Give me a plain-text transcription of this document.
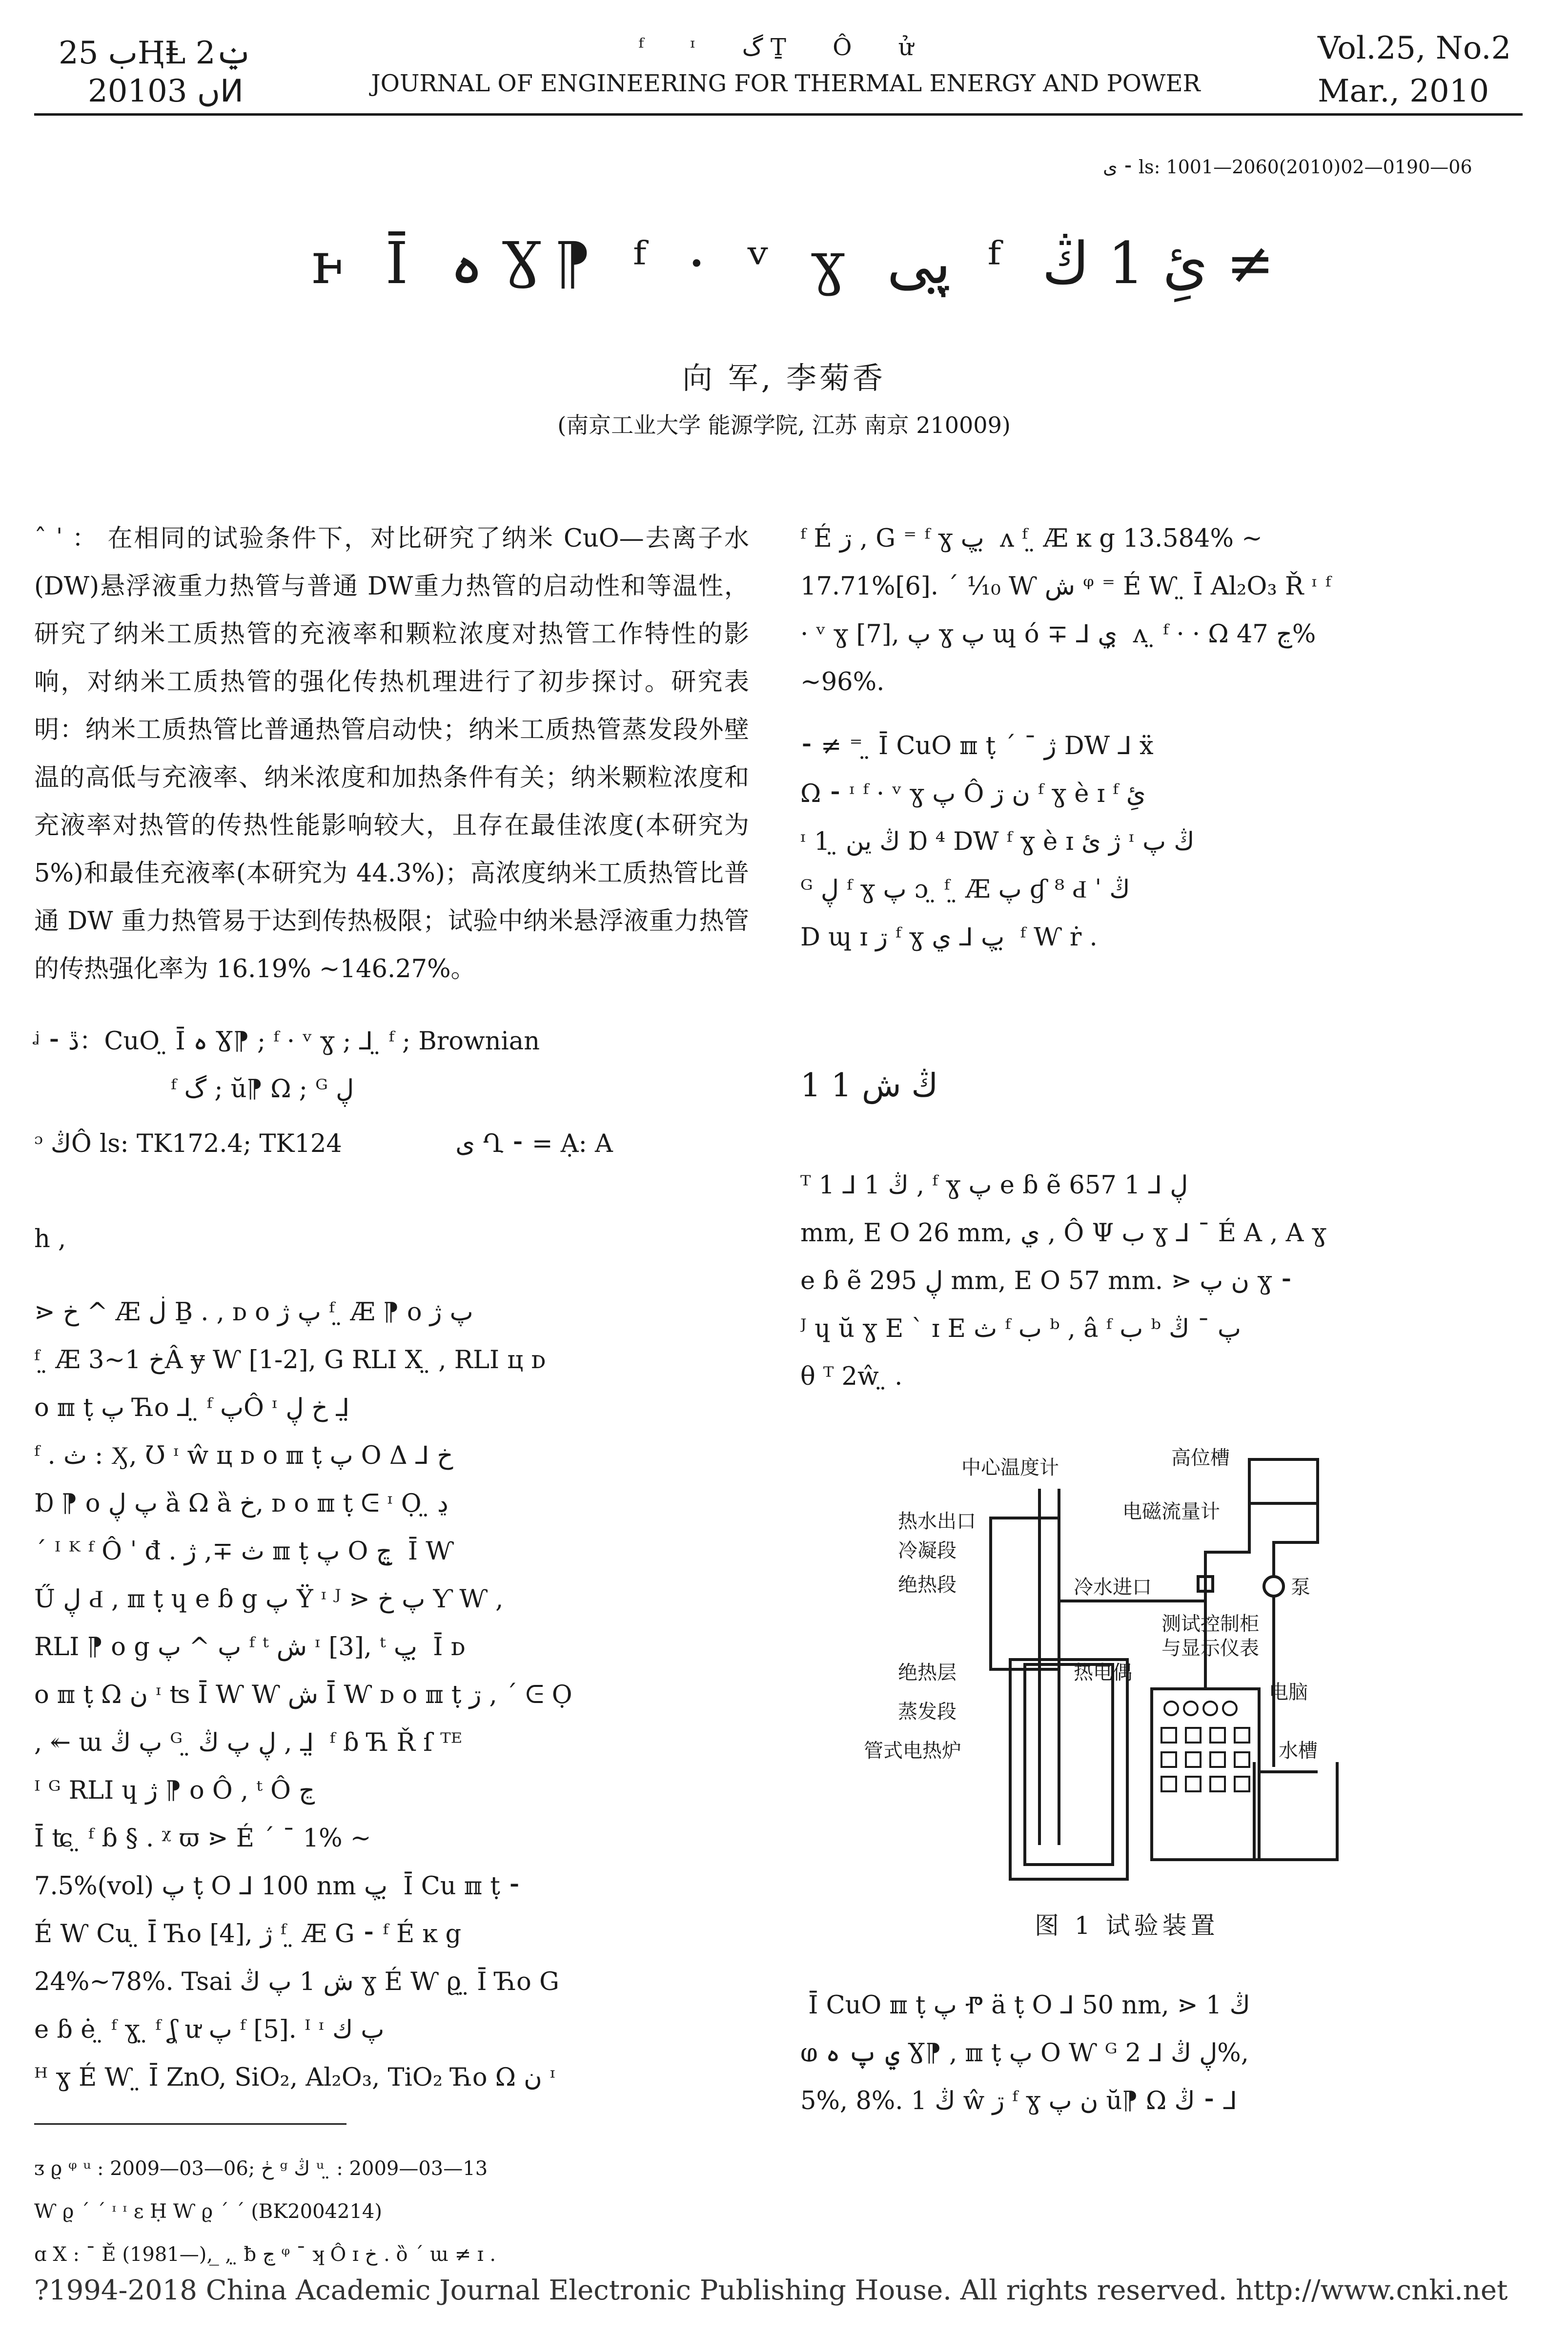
ب 25ⱧⱠ 2ݔ
2010ں 3ⵍ
ᶠ ᶦ گ Ṯ Ô ử
JOURNAL OF ENGINEERING FOR THERMAL ENERGY AND POWER
Vol.25, No.2
Mar., 2010
ى ⁃ ls: 1001—2060(2010)02—0190—06
ⱶ Ī ہ Ɣ⁋ ᶠ · ᵛ ɣ پی ̤ ᶠ ئِ 1 ڭ ≠
向 军, 李菊香
(南京工业大学 能源学院, 江苏 南京 210009)

ˆ ˈ ： 在相同的试验条件下，对比研究了纳米 CuO—去离子水(DW)悬浮液重力热管与普通 DW重力热管的启动性和等温性，研究了纳米工质热管的充液率和颗粒浓度对热管工作特性的影响，对纳米工质热管的强化传热机理进行了初步探讨。研究表明：纳米工质热管比普通热管启动快；纳米工质热管蒸发段外壁温的高低与充液率、纳米浓度和加热条件有关；纳米颗粒浓度和充液率对热管的传热性能影响较大，且存在最佳浓度(本研究为 5%)和最佳充液率(本研究为 44.3%)；高浓度纳米工质热管比普通 DW 重力热管易于达到传热极限；试验中纳米悬浮液重力热管的传热强化率为 16.19% ~146.27%。

ᶨ ⁃ ڐ：CuO ̤ Ī ہ Ɣ⁋ ; ᶠ · ᵛ ɣ ; ⅃ ̤ ᶠ ; Brownian
ᶠ گ ; ŭ⁋ Ω ; ᴳ ڸ
ᵓ ڭÔ ls: TK172.4; TK124	ى Ղ ⁃ = Ạ: A
h ,
⋗ خ ^ Æ ڶ Ḇ . , ᴅ o پ ژ ᶠ ̤ Æ ⁋ o پ ژ
ᶠ ̤ Æ خ 1~3Â ɏ Ⱳ [1-2], G RLI X ̤ , RLI ц ᴅ
o ℼ ṭ پ Ћo ⅃ ̤ ᶠ پÔ ᶦ خ ڸ ⅃ ̤
ᶠ . ث : Ӽ, Ʊ ᶦ ŵ ц ᴅ o ℼ ṭ پ O Δ ⅃ خ
Ɒ ⁋ o پ ڸ ȁ Ω ȁ خ, ᴅ o ℼ ṭ ᕮ ᶦ Ọ ̤ ڍ
ˊ ᴵ ᴷ ᶠ Ô ˈ đ . ث ∓, ژ ℼ ṭ پ O ڃ ̤ Ī Ⱳ
Ű ڸ Ԁ , ℼ ṭ ɥ e ɓ g پ Ÿ ᶦ ᴶ ⋗ پ خ Ƴ Ⱳ ,
RLI ⁋ o g پ ^ پ ᶠ ᵗ ش ᶦ [3], ᵗ پ ̤ Ī ᴅ
o ℼ ṭ Ω ن ᶦ ʦ Ī Ⱳ Ⱳ ش Ī Ⱳ ᴅ o ℼ ṭ ڗ , ˊ ᕮ Ọ
, ↞ ɯ پ ڭ ᴳ ̤ ڸ پ ڭ , ⅃ ̤ ᶠ ɓ Ћ Ř ſ ᵀᴱ
ᴵ ᴳ RLI ɥ ژ ⁋ o Ô , ᵗ Ô ڃ
Ī ʨ ̤ ᶠ ɓ § . ᵡ ϖ ⋗ É ˊ ˉ 1% ~
7.5%(vol) پ ṭ O ⅃ 100 nm پ ̤ Ī Cu ℼ ṭ ⁃
É Ⱳ Cu ̤ Ī Ћo [4], ژ ᶠ ̤ Æ G ⁃ ᶠ É ĸ g
24%~78%. Tsai ش 1 پ ڭ ɣ É Ⱳ ϱ ̤ Ī Ћo G
e ɓ ė ̤ ᶠ ɣ ̤ ᶠ ʆ ư پ ᶠ [5]. ᴵ ᶦ پ ك
ᴴ ɣ É Ⱳ ̤ Ī ZnO, SiO₂, Al₂O₃, TiO₂ Ћo Ω ن ᶦ
ᴣ ϱ ᵠ ᵘ : 2009—03—06; ڂ ᵍ ڭ ᵘ ̤ : 2009—03—13
Ⱳ ϱ ˊ ˊ ᶦ ᶦ ɛ Ḥ Ⱳ ϱ ˊ ˊ (BK2004214)
ɑ X : ˉ Ě (1981—), ̲ , ̤ ƀ ڃ ᵠ ˉ ʞ Ô ɪ خ . ȍ ˊ ɯ ≠ ɪ .
ᶠ É ڗ , G ⁼ ᶠ ɣ پ ̤ ᴧ ᶠ ̤ Æ ĸ g 13.584% ~
17.71%[6]. ˊ ⅒ Ⱳ ش ᵠ ⁼ É Ⱳ ̤ Ī Al₂O₃ Ř ᶦ ᶠ
· ᵛ ɣ [7], پ ɣ پ ɰ ó ∓ ⅃ ي ̤ ᴧ ̤ ᶠ · · Ω ڃ 47%
~96%.
⁃ ≠ ⁼ ̤ Ī CuO ℼ ṭ ˊ ˉ ژ DW ⅃ ẍ
Ω ⁃ ᶦ ᶠ · ᵛ ɣ پ Ô ن ڗ ᶠ ɣ è ɪ ᶠ ئِ
ᶦ 1 ̤ ڭ ين Ɒ ⁴ DW ᶠ ɣ è ɪ ژ ئ ᶦ ڭ پ
ᴳ ڸ ᶠ ɣ پ ɔ ̤ ᶠ ̤ Æ پ ɠ ⁸ Ԁ ˈ ڭ
D ɰ ɪ ڗ ᶠ ɣ پ ⅃ ي ̤ ᶠ Ⱳ ṙ .
1 1 ڭ ش
ᵀ 1 ⅃ 1 ڭ , ᶠ ɣ پ e ɓ ẽ ڸ ⅃ 1 657
mm, E O 26 mm, ي , Ô Ψ ب ɣ ⅃ ˉ É A , A ɣ
e ɓ ẽ ڸ 295 mm, E O 57 mm. ⋗ ن پ ɣ ⁃
ᴶ ɥ ŭ ɣ E ˋ ɪ E ث ᶠ ب ᵇ , â ᶠ ب ᵇ پ ˉ ڭ
θ ᵀ 2ŵ ̤ .
中心温度计	高位槽
热水出口	电磁流量计
冷凝段
泵
冷水进口
绝热段
测试控制柜
与显示仪表
绝热层	热电偶
电脑
蒸发段
水槽
管式电热炉
图 1 试验装置
̤ Ī CuO ℼ ṭ پ Ⱂ ä ṭ O ⅃ 50 nm, ⋗ 1 ڭ
ⱷ ي پ ہ Ɣ⁋ , ℼ ṭ پ O Ⱳ ᴳ ڸ ڭ ⅃ 2%,
5%, 8%. 1 ڭ ŵ ڗ ᶠ ɣ ن پ ŭ⁋ Ω ڭ ⁃ ⅃
?1994-2018 China Academic Journal Electronic Publishing House. All rights reserved. http://www.cnki.net
